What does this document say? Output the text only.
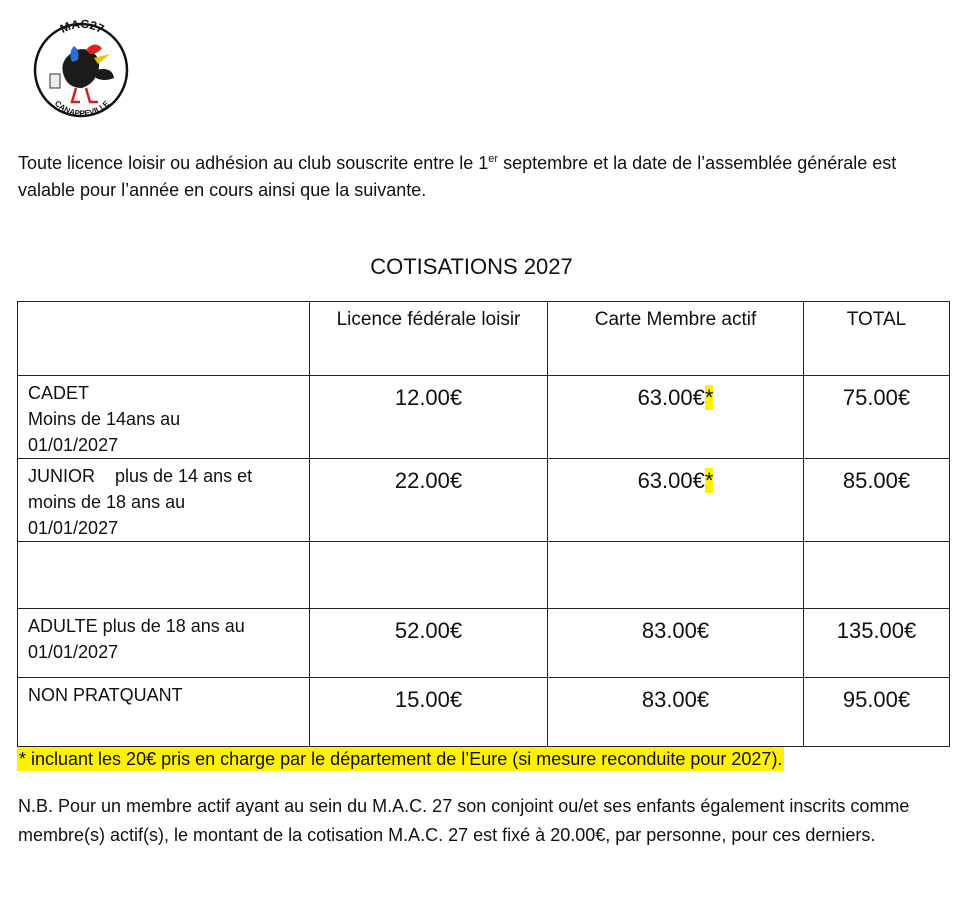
MAC27
CANAPPEVILLE
Toute licence loisir ou adhésion au club souscrite entre le 1er septembre et la date de l’assemblée générale est valable pour l’année en cours ainsi que la suivante.
COTISATIONS 2027
	Licence fédérale loisir	Carte Membre actif	TOTAL
CADET
Moins de 14ans au
01/01/2027	12.00€	63.00€*	75.00€
JUNIOR    plus de 14 ans et
moins de 18 ans au
01/01/2027	22.00€	63.00€*	85.00€

ADULTE plus de 18 ans au
01/01/2027	52.00€	83.00€	135.00€
NON PRATQUANT	15.00€	83.00€	95.00€
* incluant les 20€ pris en charge par le département de l’Eure (si mesure reconduite pour 2027).
N.B. Pour un membre actif ayant au sein du M.A.C. 27 son conjoint ou/et ses enfants également inscrits comme membre(s) actif(s), le montant de la cotisation M.A.C. 27 est fixé à 20.00€, par personne, pour ces derniers.
